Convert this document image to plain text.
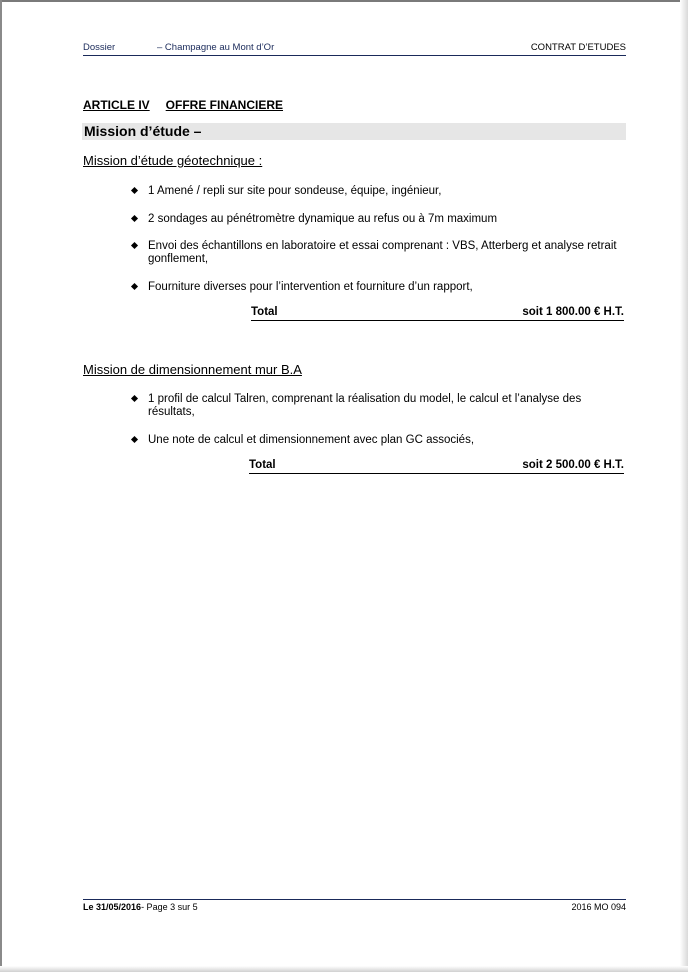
Dossier	– Champagne au Mont d’Or	CONTRAT D’ETUDES
ARTICLE IV OFFRE FINANCIERE
Mission d’étude –
Mission d’étude géotechnique :
1 Amené / repli sur site pour sondeuse, équipe, ingénieur,
2 sondages au pénétromètre dynamique au refus ou à 7m maximum
Envoi des échantillons en laboratoire et essai comprenant : VBS, Atterberg et analyse retrait gonflement,
Fourniture diverses pour l’intervention et fourniture d’un rapport,
Total	soit 1 800.00 € H.T.
Mission de dimensionnement mur B.A
1 profil de calcul Talren, comprenant la réalisation du model, le calcul et l’analyse des résultats,
Une note de calcul et dimensionnement avec plan GC associés,
Total	soit 2 500.00 € H.T.
Le 31/05/2016- Page 3 sur 5	2016 MO 094
